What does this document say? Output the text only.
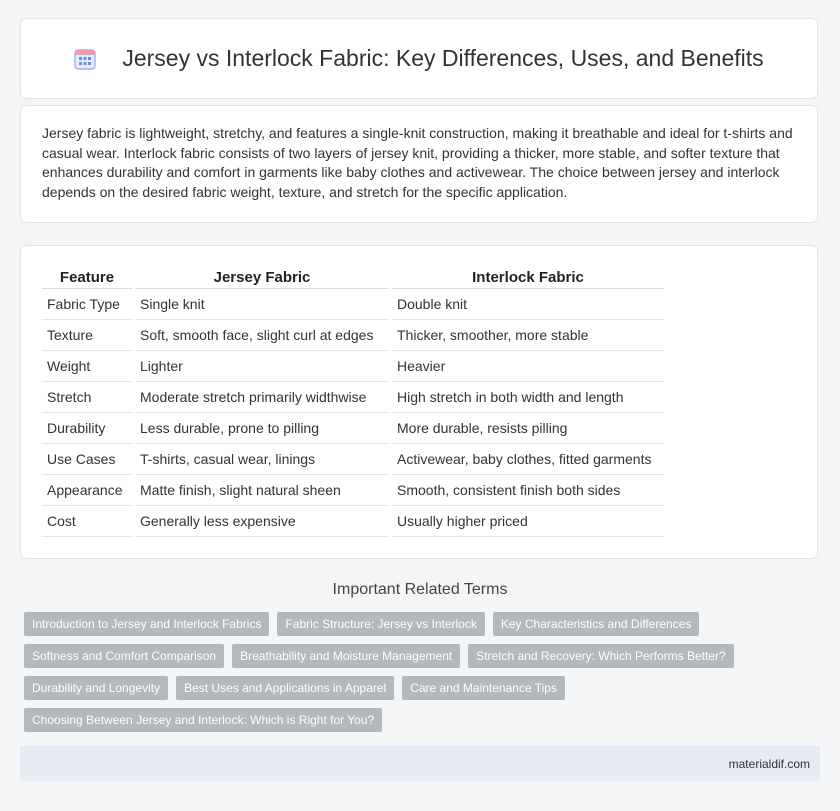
Jersey vs Interlock Fabric: Key Differences, Uses, and Benefits

Jersey fabric is lightweight, stretchy, and features a single-knit construction, making it breathable and ideal for t-shirts and casual wear. Interlock fabric consists of two layers of jersey knit, providing a thicker, more stable, and softer texture that enhances durability and comfort in garments like baby clothes and activewear. The choice between jersey and interlock depends on the desired fabric weight, texture, and stretch for the specific application.

Feature	Jersey Fabric	Interlock Fabric
Fabric Type	Single knit	Double knit
Texture	Soft, smooth face, slight curl at edges	Thicker, smoother, more stable
Weight	Lighter	Heavier
Stretch	Moderate stretch primarily widthwise	High stretch in both width and length
Durability	Less durable, prone to pilling	More durable, resists pilling
Use Cases	T-shirts, casual wear, linings	Activewear, baby clothes, fitted garments
Appearance	Matte finish, slight natural sheen	Smooth, consistent finish both sides
Cost	Generally less expensive	Usually higher priced
Important Related Terms
Introduction to Jersey and Interlock Fabrics	Fabric Structure: Jersey vs Interlock	Key Characteristics and Differences
Softness and Comfort Comparison	Breathability and Moisture Management	Stretch and Recovery: Which Performs Better?
Durability and Longevity	Best Uses and Applications in Apparel	Care and Maintenance Tips
Choosing Between Jersey and Interlock: Which is Right for You?
materialdif.com
